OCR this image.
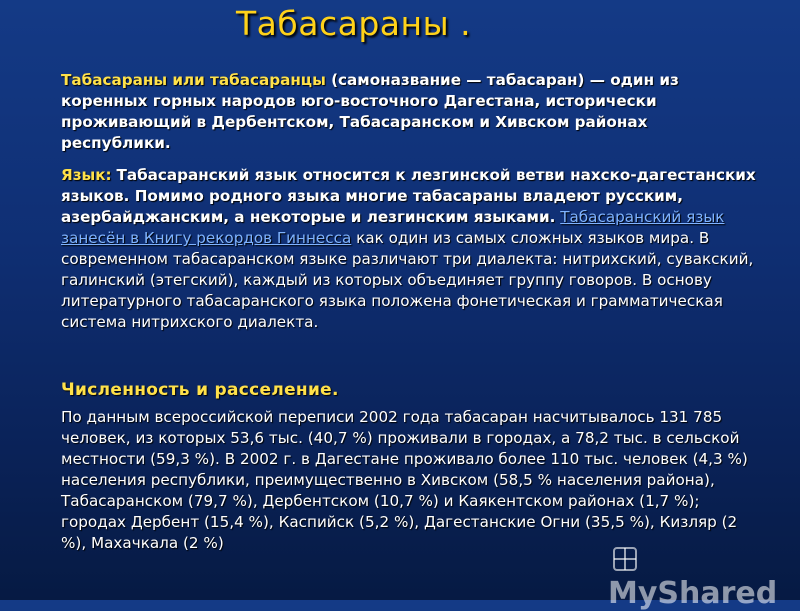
Табасараны .
Табасараны или табасаранцы (самоназвание — табасаран) — один из коренных горных народов юго-восточного Дагестана, исторически проживающий в Дербентском, Табасаранском и Хивском районах республики.
Язык: Табасаранский язык относится к лезгинской ветви нахско-дагестанских языков. Помимо родного языка многие табасараны владеют русским, азербайджанским, а некоторые и лезгинским языками. Табасаранский язык занесён в Книгу рекордов Гиннесса как один из самых сложных языков мира. В современном табасаранском языке различают три диалекта: нитрихский, сувакский, галинский (этегский), каждый из которых объединяет группу говоров. В основу литературного табасаранского языка положена фонетическая и грамматическая система нитрихского диалекта.
Численность и расселение.
По данным всероссийской переписи 2002 года табасаран насчитывалось 131 785 человек, из которых 53,6 тыс. (40,7 %) проживали в городах, а 78,2 тыс. в сельской местности (59,3 %). В 2002 г. в Дагестане проживало более 110 тыс. человек (4,3 %) населения республики, преимущественно в Хивском (58,5 % населения района), Табасаранском (79,7 %), Дербентском (10,7 %) и Каякентском районах (1,7 %); городах Дербент (15,4 %), Каспийск (5,2 %), Дагестанские Огни (35,5 %), Кизляр (2 %), Махачкала (2 %)
MyShared
